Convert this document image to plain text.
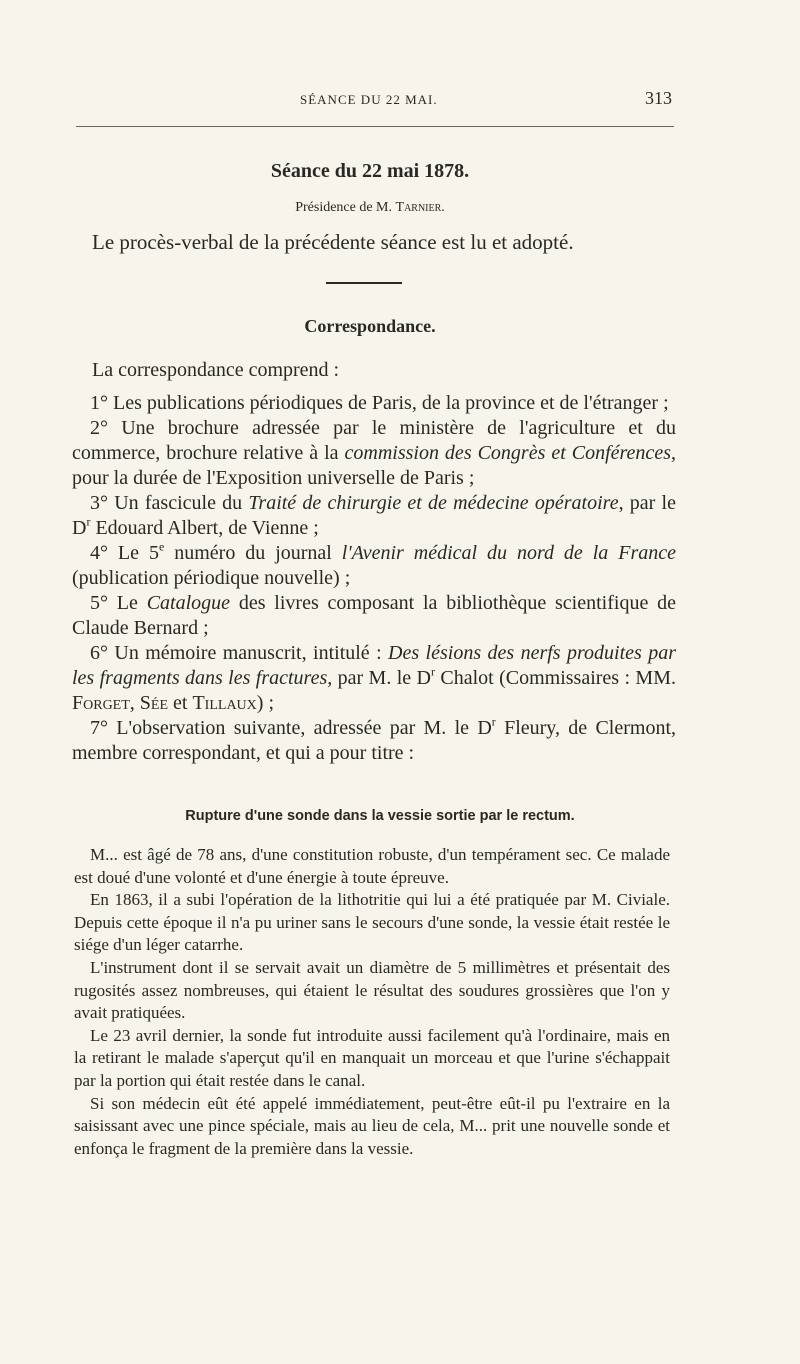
SÉANCE DU 22 MAI.	313
Séance du 22 mai 1878.
Présidence de M. Tarnier.
Le procès-verbal de la précédente séance est lu et adopté.
Correspondance.

La correspondance comprend :

1° Les publications périodiques de Paris, de la province et de l'étranger ;

2° Une brochure adressée par le ministère de l'agriculture et du commerce, brochure relative à la commission des Congrès et Conférences, pour la durée de l'Exposition universelle de Paris ;

3° Un fascicule du Traité de chirurgie et de médecine opératoire, par le $D^r$ Edouard Albert, de Vienne ;

4° Le 5e numéro du journal l'Avenir médical du nord de la France (publication périodique nouvelle) ;

5° Le Catalogue des livres composant la bibliothèque scientifique de Claude Bernard ;

6° Un mémoire manuscrit, intitulé : Des lésions des nerfs produites par les fragments dans les fractures, par M. le $D^r$ Chalot (Commissaires : MM. Forget, Sée et Tillaux) ;

7° L'observation suivante, adressée par M. le $D^r$ Fleury, de Clermont, membre correspondant, et qui a pour titre :

Rupture d'une sonde dans la vessie sortie par le rectum.

M... est âgé de 78 ans, d'une constitution robuste, d'un tempérament sec. Ce malade est doué d'une volonté et d'une énergie à toute épreuve.

En 1863, il a subi l'opération de la lithotritie qui lui a été pratiquée par M. Civiale. Depuis cette époque il n'a pu uriner sans le secours d'une sonde, la vessie était restée le siége d'un léger catarrhe.

L'instrument dont il se servait avait un diamètre de 5 millimètres et présentait des rugosités assez nombreuses, qui étaient le résultat des soudures grossières que l'on y avait pratiquées.

Le 23 avril dernier, la sonde fut introduite aussi facilement qu'à l'ordinaire, mais en la retirant le malade s'aperçut qu'il en manquait un morceau et que l'urine s'échappait par la portion qui était restée dans le canal.

Si son médecin eût été appelé immédiatement, peut-être eût-il pu l'extraire en la saisissant avec une pince spéciale, mais au lieu de cela, M... prit une nouvelle sonde et enfonça le fragment de la première dans la vessie.
